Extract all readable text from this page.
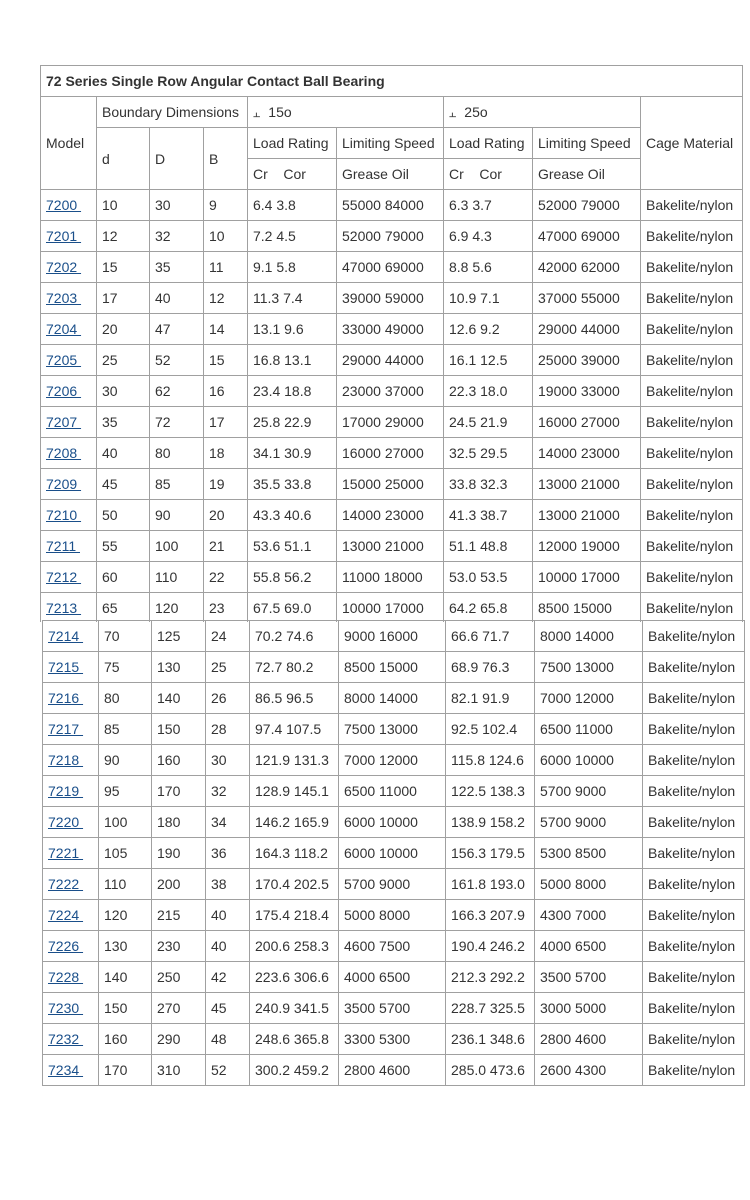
72 Series Single Row Angular Contact Ball Bearing								
Model	Boundary Dimensions			⫠ 15o		⫠ 25o		Cage Material
	d	D	B	Load Rating	Limiting Speed	Load Rating	Limiting Speed	
				Cr    Cor	Grease Oil	Cr    Cor	Grease Oil	
7200	10	30	9	6.4 3.8	55000 84000	6.3 3.7	52000 79000	Bakelite/nylon
7201	12	32	10	7.2 4.5	52000 79000	6.9 4.3	47000 69000	Bakelite/nylon
7202	15	35	11	9.1 5.8	47000 69000	8.8 5.6	42000 62000	Bakelite/nylon
7203	17	40	12	11.3 7.4	39000 59000	10.9 7.1	37000 55000	Bakelite/nylon
7204	20	47	14	13.1 9.6	33000 49000	12.6 9.2	29000 44000	Bakelite/nylon
7205	25	52	15	16.8 13.1	29000 44000	16.1 12.5	25000 39000	Bakelite/nylon
7206	30	62	16	23.4 18.8	23000 37000	22.3 18.0	19000 33000	Bakelite/nylon
7207	35	72	17	25.8 22.9	17000 29000	24.5 21.9	16000 27000	Bakelite/nylon
7208	40	80	18	34.1 30.9	16000 27000	32.5 29.5	14000 23000	Bakelite/nylon
7209	45	85	19	35.5 33.8	15000 25000	33.8 32.3	13000 21000	Bakelite/nylon
7210	50	90	20	43.3 40.6	14000 23000	41.3 38.7	13000 21000	Bakelite/nylon
7211	55	100	21	53.6 51.1	13000 21000	51.1 48.8	12000 19000	Bakelite/nylon
7212	60	110	22	55.8 56.2	11000 18000	53.0 53.5	10000 17000	Bakelite/nylon
7213	65	120	23	67.5 69.0	10000 17000	64.2 65.8	8500 15000	Bakelite/nylon
7214	70	125	24	70.2 74.6	9000 16000	66.6 71.7	8000 14000	Bakelite/nylon
7215	75	130	25	72.7 80.2	8500 15000	68.9 76.3	7500 13000	Bakelite/nylon
7216	80	140	26	86.5 96.5	8000 14000	82.1 91.9	7000 12000	Bakelite/nylon
7217	85	150	28	97.4 107.5	7500 13000	92.5 102.4	6500 11000	Bakelite/nylon
7218	90	160	30	121.9 131.3	7000 12000	115.8 124.6	6000 10000	Bakelite/nylon
7219	95	170	32	128.9 145.1	6500 11000	122.5 138.3	5700 9000	Bakelite/nylon
7220	100	180	34	146.2 165.9	6000 10000	138.9 158.2	5700 9000	Bakelite/nylon
7221	105	190	36	164.3 118.2	6000 10000	156.3 179.5	5300 8500	Bakelite/nylon
7222	110	200	38	170.4 202.5	5700 9000	161.8 193.0	5000 8000	Bakelite/nylon
7224	120	215	40	175.4 218.4	5000 8000	166.3 207.9	4300 7000	Bakelite/nylon
7226	130	230	40	200.6 258.3	4600 7500	190.4 246.2	4000 6500	Bakelite/nylon
7228	140	250	42	223.6 306.6	4000 6500	212.3 292.2	3500 5700	Bakelite/nylon
7230	150	270	45	240.9 341.5	3500 5700	228.7 325.5	3000 5000	Bakelite/nylon
7232	160	290	48	248.6 365.8	3300 5300	236.1 348.6	2800 4600	Bakelite/nylon
7234	170	310	52	300.2 459.2	2800 4600	285.0 473.6	2600 4300	Bakelite/nylon
